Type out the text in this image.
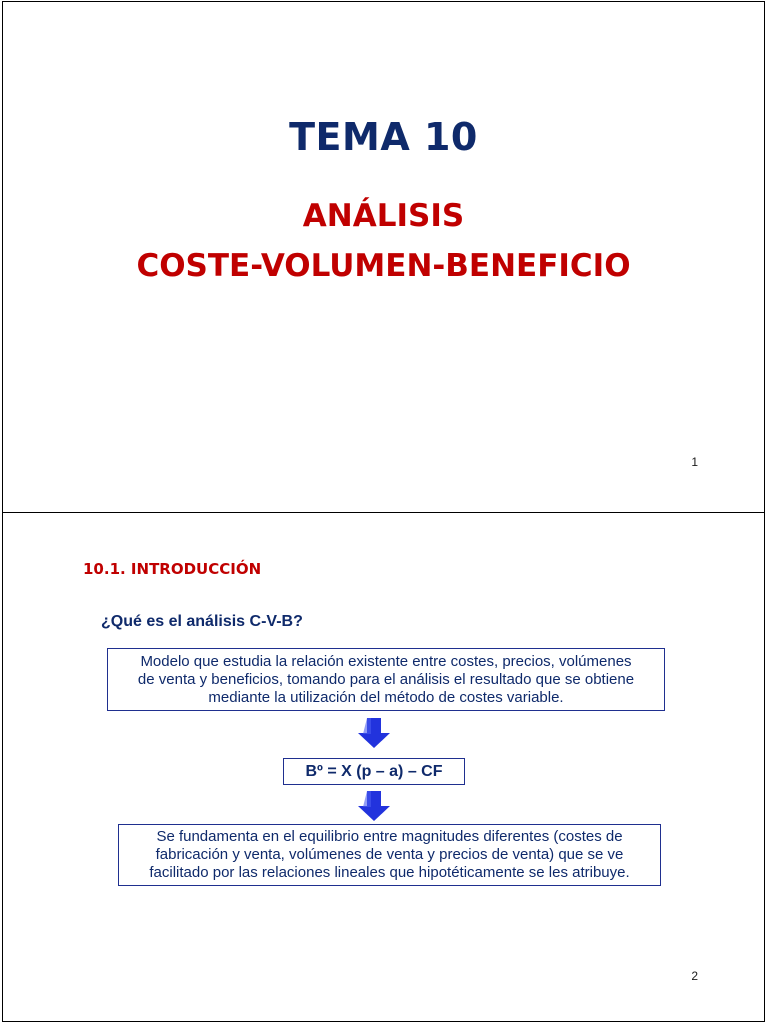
TEMA 10
ANÁLISIS
COSTE-VOLUMEN-BENEFICIO
1
10.1. INTRODUCCIÓN
¿Qué es el análisis C-V-B?

Modelo que estudia la relación existente entre costes, precios, volúmenes

de venta y beneficios, tomando para el análisis el resultado que se obtiene

mediante la utilización del método de costes variable.

Bº = X (p – a) – CF

Se fundamenta en el equilibrio entre magnitudes diferentes (costes de

fabricación y venta, volúmenes de venta y precios de venta) que se ve

facilitado por las relaciones lineales que hipotéticamente se les atribuye.

2
